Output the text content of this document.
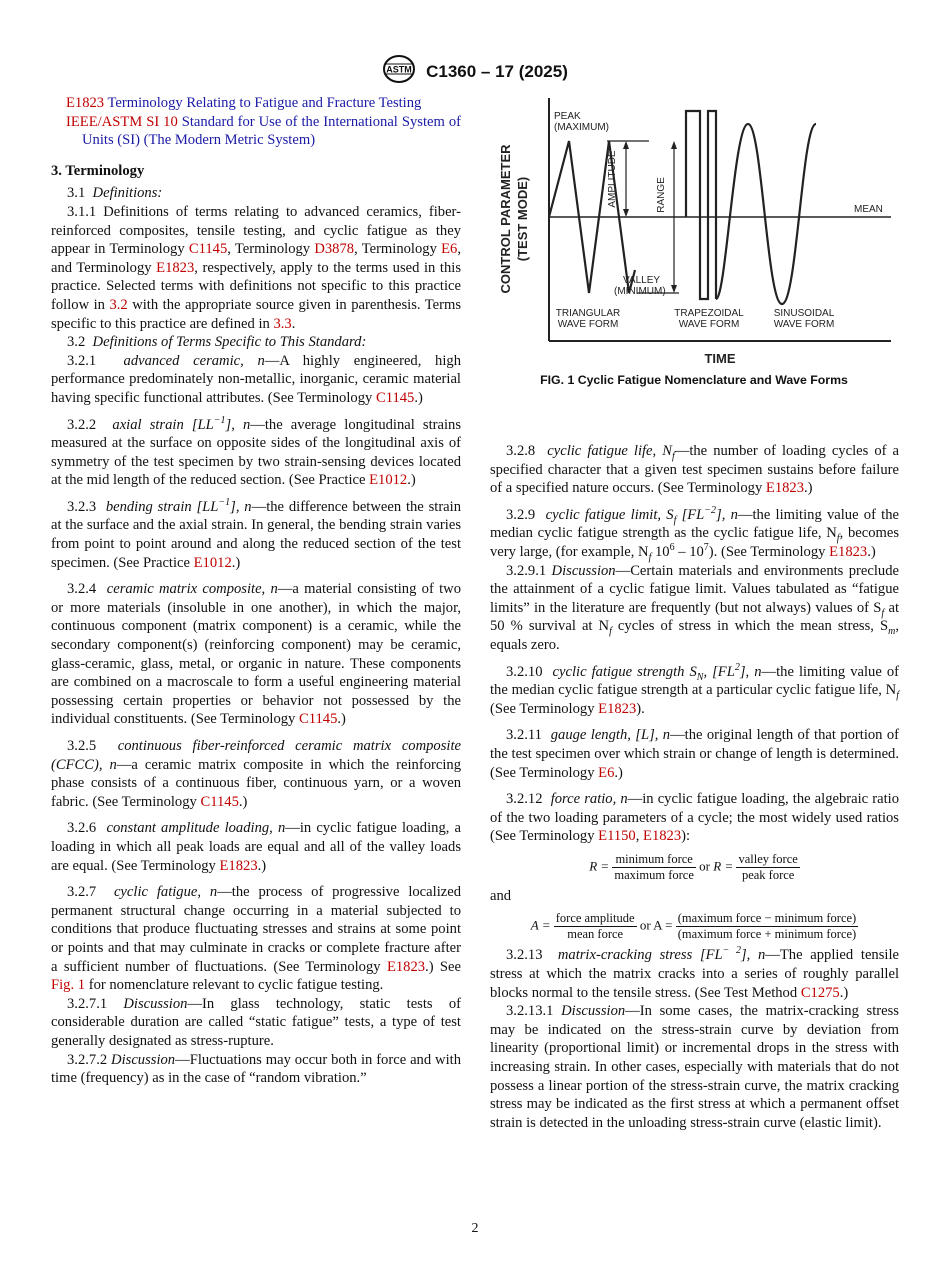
ASTM C1360 – 17 (2025)

E1823 Terminology Relating to Fatigue and Fracture Testing

IEEE/ASTM SI 10 Standard for Use of the International System of Units (SI) (The Modern Metric System)

3. Terminology

3.1 Definitions:

3.1.1 Definitions of terms relating to advanced ceramics, fiber-reinforced composites, tensile testing, and cyclic fatigue as they appear in Terminology C1145, Terminology D3878, Terminology E6, and Terminology E1823, respectively, apply to the terms used in this practice. Selected terms with definitions not specific to this practice follow in 3.2 with the appropriate source given in parenthesis. Terms specific to this practice are defined in 3.3.

3.2 Definitions of Terms Specific to This Standard:

3.2.1 advanced ceramic, n—A highly engineered, high performance predominately non-metallic, inorganic, ceramic material having specific functional attributes. (See Terminology C1145.)

3.2.2 axial strain $[LL^{-1}]$, n—the average longitudinal strains measured at the surface on opposite sides of the longitudinal axis of symmetry of the test specimen by two strain-sensing devices located at the mid length of the reduced section. (See Practice E1012.)

3.2.3 bending strain $[LL^{-1}]$, n—the difference between the strain at the surface and the axial strain. In general, the bending strain varies from point to point around and along the reduced section of the test specimen. (See Practice E1012.)

3.2.4 ceramic matrix composite, n—a material consisting of two or more materials (insoluble in one another), in which the major, continuous component (matrix component) is a ceramic, while the secondary component(s) (reinforcing component) may be ceramic, glass-ceramic, glass, metal, or organic in nature. These components are combined on a macroscale to form a useful engineering material possessing certain properties or behavior not possessed by the individual constituents. (See Terminology C1145.)

3.2.5 continuous fiber-reinforced ceramic matrix composite (CFCC), n—a ceramic matrix composite in which the reinforcing phase consists of a continuous fiber, continuous yarn, or a woven fabric. (See Terminology C1145.)

3.2.6 constant amplitude loading, n—in cyclic fatigue loading, a loading in which all peak loads are equal and all of the valley loads are equal. (See Terminology E1823.)

3.2.7 cyclic fatigue, n—the process of progressive localized permanent structural change occurring in a material subjected to conditions that produce fluctuating stresses and strains at some point or points and that may culminate in cracks or complete fracture after a sufficient number of fluctuations. (See Terminology E1823.) See Fig. 1 for nomenclature relevant to cyclic fatigue testing.

3.2.7.1 Discussion—In glass technology, static tests of considerable duration are called “static fatigue” tests, a type of test generally designated as stress-rupture.

3.2.7.2 Discussion—Fluctuations may occur both in force and with time (frequency) as in the case of “random vibration.”

CONTROL PARAMETER (TEST MODE)
PEAK
(MAXIMUM)
AMPLITUDE	RANGE	MEAN
VALLEY
(MINIMUM)
TRIANGULAR
WAVE FORM
TRAPEZOIDAL
WAVE FORM
SINUSOIDAL
WAVE FORM
TIME
FIG. 1 Cyclic Fatigue Nomenclature and Wave Forms

3.2.8 cyclic fatigue life, $N_f—the$ number of loading cycles of a specified character that a given test specimen sustains before failure of a specified nature occurs. (See Terminology E1823.)

3.2.9 cyclic fatigue limit, $S_f$ $[FL^{-2}]$, n—the limiting value of the median cyclic fatigue strength as the cyclic fatigue life, $N_f$, becomes very large, (for example, $N_f$ $10^6 - 10^7$). (See Terminology E1823.)

3.2.9.1 Discussion—Certain materials and environments preclude the attainment of a cyclic fatigue limit. Values tabulated as “fatigue limits” in the literature are frequently (but not always) values of $S_f$ at 50 % survival at $N_f$ cycles of stress in which the mean stress, $S_m$, equals zero.

3.2.10 cyclic fatigue strength $S_N$, $[FL^2]$, n—the limiting value of the median cyclic fatigue strength at a particular cyclic fatigue life, $N_f$ (See Terminology E1823).

3.2.11 gauge length, [L], n—the original length of that portion of the test specimen over which strain or change of length is determined. (See Terminology E6.)

3.2.12 force ratio, n—in cyclic fatigue loading, the algebraic ratio of the two loading parameters of a cycle; the most widely used ratios (See Terminology E1150, E1823):

$R = \frac{\text{minimum force}}{\text{maximum force}}$ or $R = \frac{\text{valley force}}{\text{peak force}}$

and

$A = \frac{\text{force amplitude}}{\text{mean force}}$ or $A = \frac{\text{(maximum force − minimum force)}}{\text{(maximum force + minimum force)}}$

3.2.13 matrix-cracking stress $[FL^{- 2}]$, n—The applied tensile stress at which the matrix cracks into a series of roughly parallel blocks normal to the tensile stress. (See Test Method C1275.)

3.2.13.1 Discussion—In some cases, the matrix-cracking stress may be indicated on the stress-strain curve by deviation from linearity (proportional limit) or incremental drops in the stress with increasing strain. In other cases, especially with materials that do not possess a linear portion of the stress-strain curve, the matrix cracking stress may be indicated as the first stress at which a permanent offset strain is detected in the unloading stress-strain curve (elastic limit).

2
